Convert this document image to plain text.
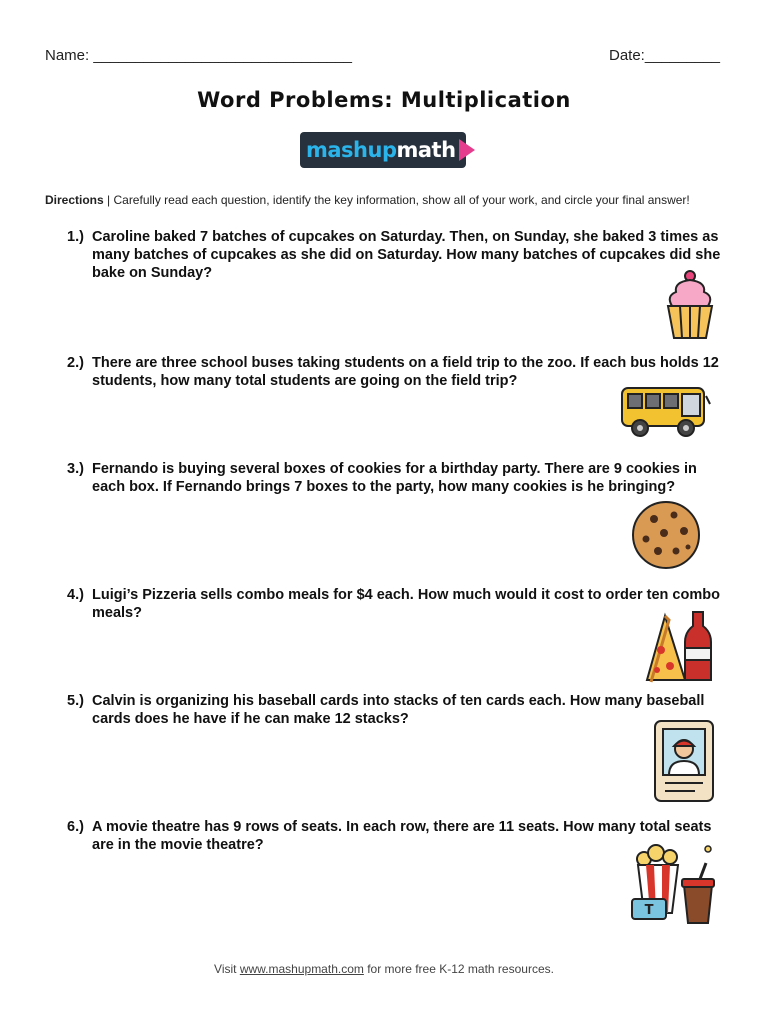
Name: _______________________________	Date:_________
Word Problems: Multiplication
mashupmath
Directions | Carefully read each question, identify the key information, show all of your work, and circle your final answer!
1.) Caroline baked 7 batches of cupcakes on Saturday. Then, on Sunday, she baked 3 times as many batches of cupcakes as she did on Saturday. How many batches of cupcakes did she bake on Sunday?
2.) There are three school buses taking students on a field trip to the zoo. If each bus holds 12 students, how many total students are going on the field trip?
3.) Fernando is buying several boxes of cookies for a birthday party. There are 9 cookies in each box. If Fernando brings 7 boxes to the party, how many cookies is he bringing?
4.) Luigi’s Pizzeria sells combo meals for $4 each. How much would it cost to order ten combo meals?
5.) Calvin is organizing his baseball cards into stacks of ten cards each. How many baseball cards does he have if he can make 12 stacks?
6.) A movie theatre has 9 rows of seats. In each row, there are 11 seats. How many total seats are in the movie theatre?
T
Visit www.mashupmath.com for more free K-12 math resources.
